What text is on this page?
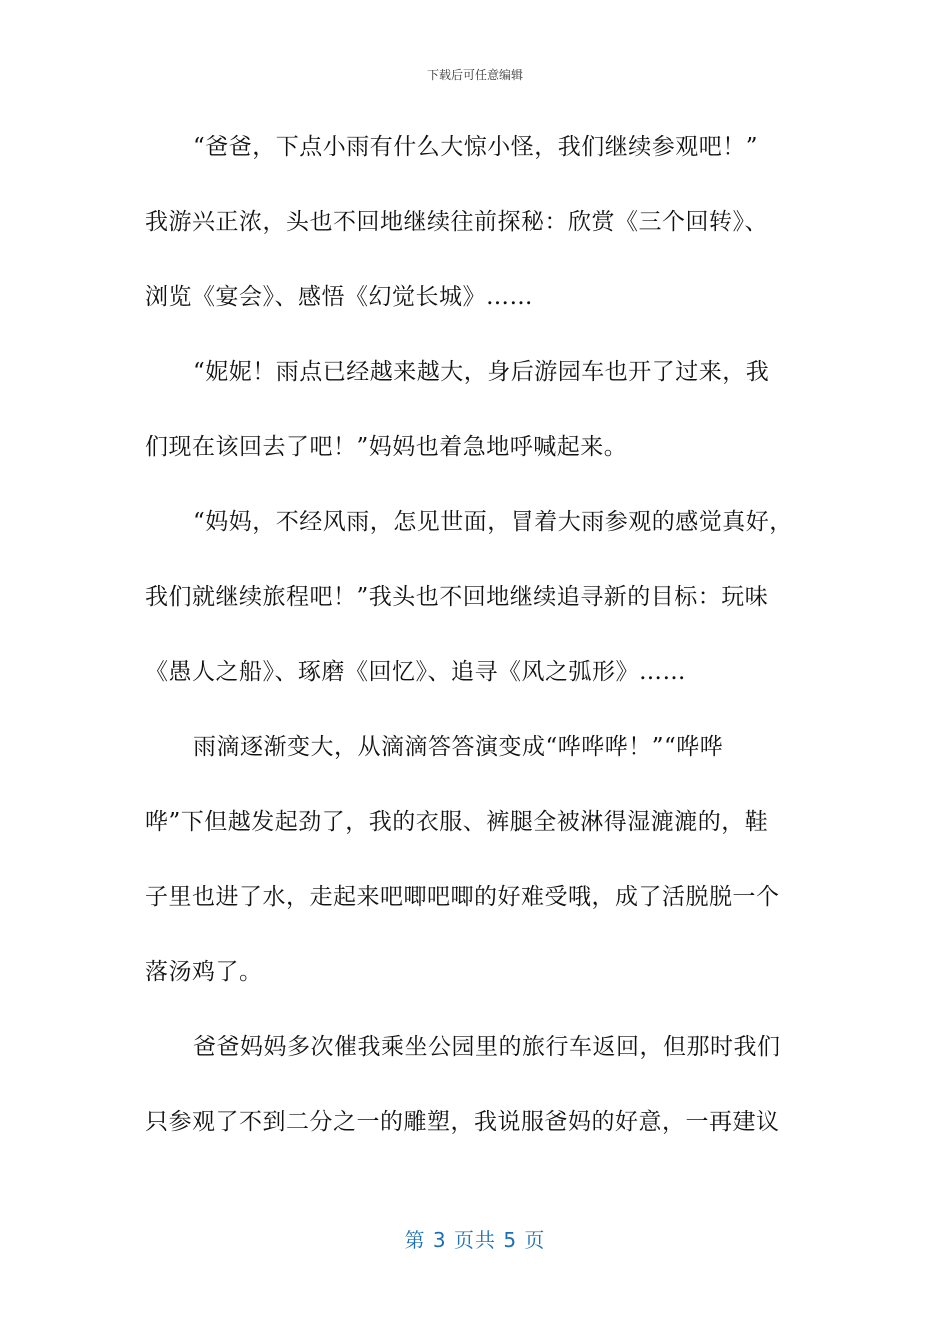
下载后可任意编辑
“爸爸，下点小雨有什么大惊小怪，我们继续参观吧！”
我游兴正浓，头也不回地继续往前探秘：欣赏《三个回转》、
浏览《宴会》、感悟《幻觉长城》……
“妮妮！雨点已经越来越大，身后游园车也开了过来，我
们现在该回去了吧！”妈妈也着急地呼喊起来。
“妈妈，不经风雨，怎见世面，冒着大雨参观的感觉真好，
我们就继续旅程吧！”我头也不回地继续追寻新的目标：玩味
《愚人之船》、琢磨《回忆》、追寻《风之弧形》……
雨滴逐渐变大，从滴滴答答演变成“哗哗哗！”“哗哗
哗”下但越发起劲了，我的衣服、裤腿全被淋得湿漉漉的，鞋
子里也进了水，走起来吧唧吧唧的好难受哦，成了活脱脱一个
落汤鸡了。
爸爸妈妈多次催我乘坐公园里的旅行车返回，但那时我们
只参观了不到二分之一的雕塑，我说服爸妈的好意，一再建议
第 3 页共 5 页
